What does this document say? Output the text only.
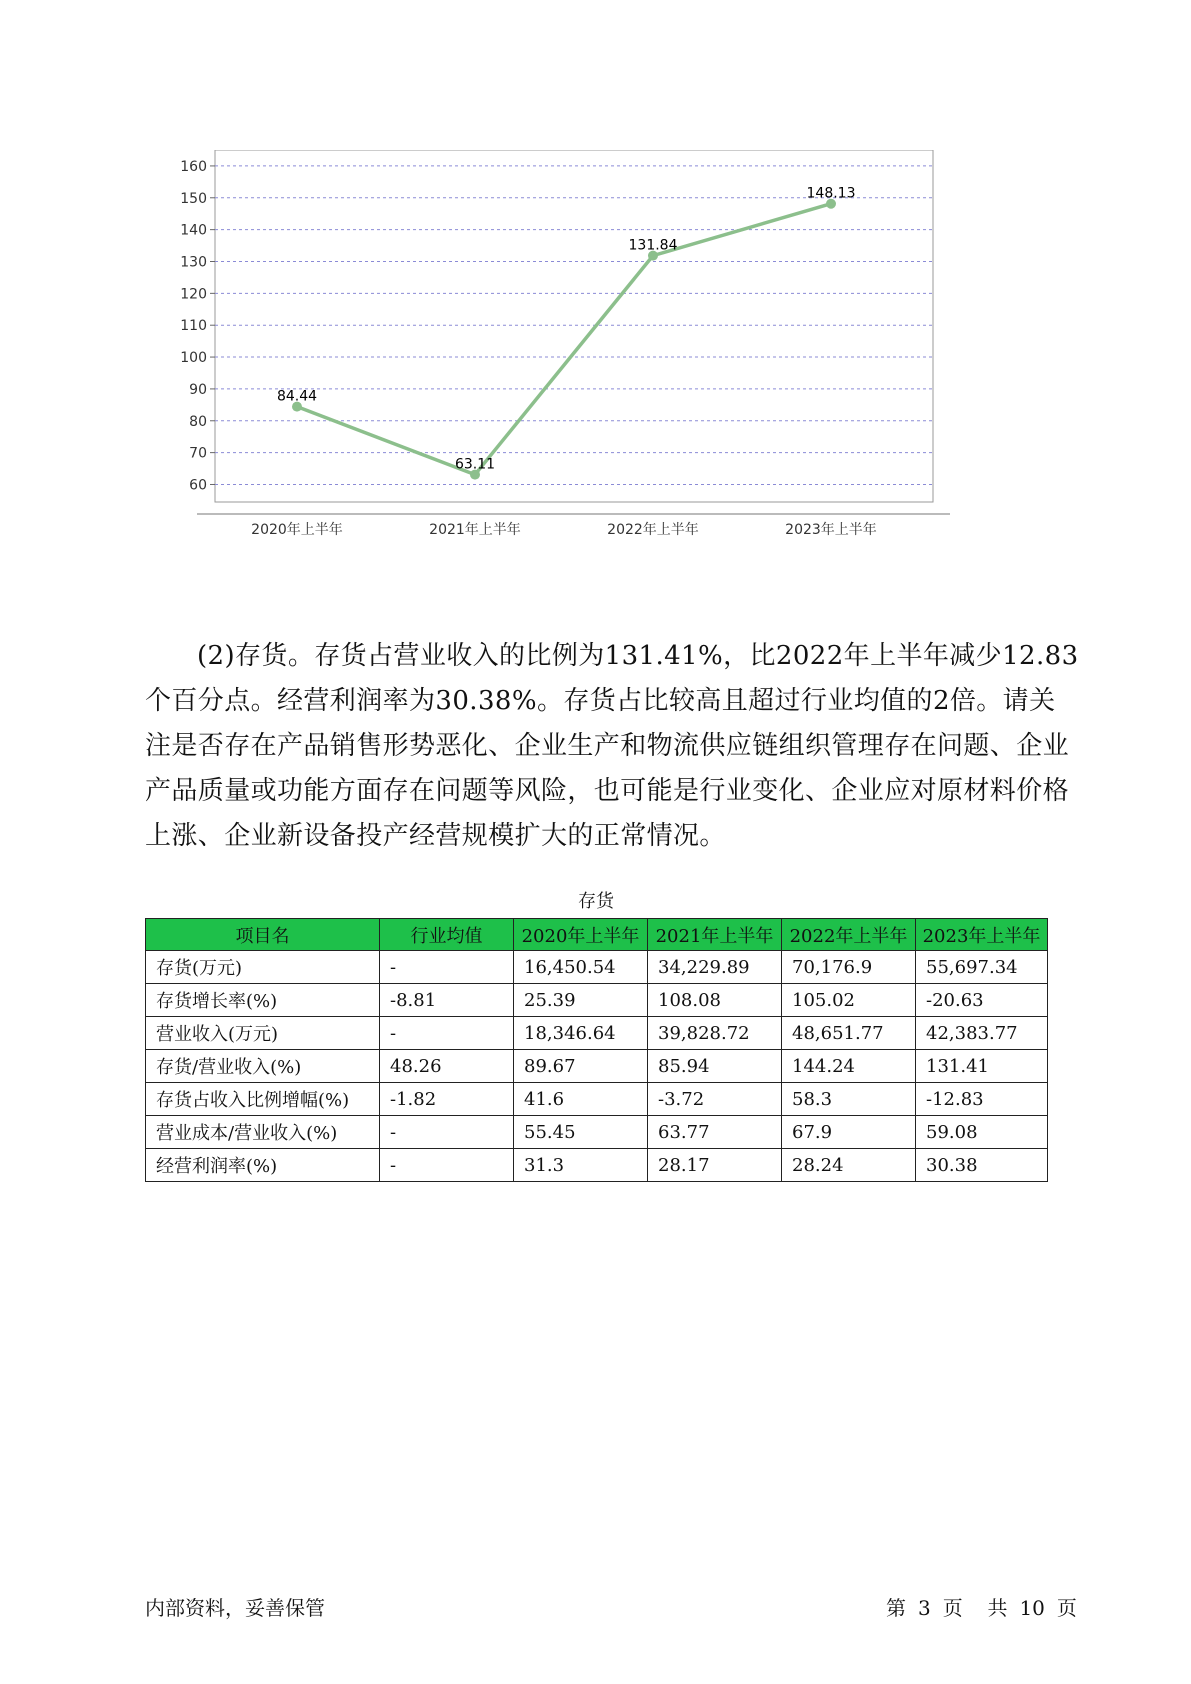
60
70
80
90
100
110
120
130
140
150
160
2020年上半年	2021年上半年	2022年上半年	2023年上半年
84.44
63.11
131.84
148.13

(2)存货。存货占营业收入的比例为131.41%，比2022年上半年减少12.83个百分点。经营利润率为30.38%。存货占比较高且超过行业均值的2倍。请关注是否存在产品销售形势恶化、企业生产和物流供应链组织管理存在问题、企业产品质量或功能方面存在问题等风险，也可能是行业变化、企业应对原材料价格上涨、企业新设备投产经营规模扩大的正常情况。

存货
项目名	行业均值	2020年上半年	2021年上半年	2022年上半年	2023年上半年
存货(万元)	-	16,450.54	34,229.89	70,176.9	55,697.34
存货增长率(%)	-8.81	25.39	108.08	105.02	-20.63
营业收入(万元)	-	18,346.64	39,828.72	48,651.77	42,383.77
存货/营业收入(%)	48.26	89.67	85.94	144.24	131.41
存货占收入比例增幅(%)	-1.82	41.6	-3.72	58.3	-12.83
营业成本/营业收入(%)	-	55.45	63.77	67.9	59.08
经营利润率(%)	-	31.3	28.17	28.24	30.38
内部资料，妥善保管	第 3 页 共 10 页
